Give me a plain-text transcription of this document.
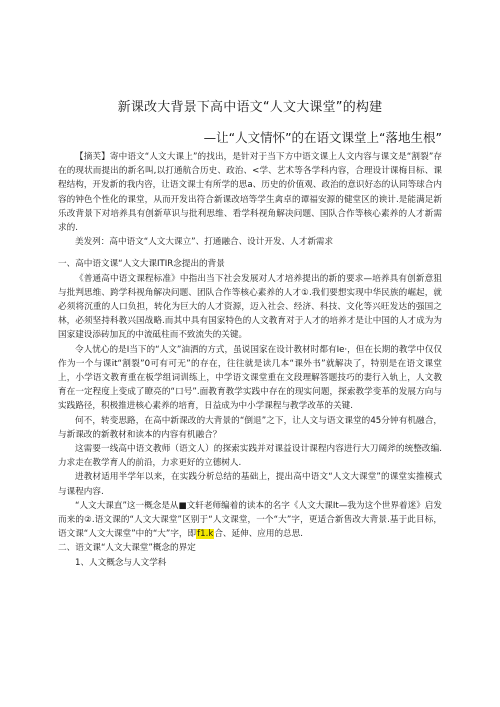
新课改大背景下高中语文“人文大课堂”的构建
—让“人文情怀”的在语文课堂上“落地生根”

【摘芙】寄中语文“人文大课上”的找出，是针对于当下方中语文课上人文内容与课文是“割裂”存在的现状而提出的新名叫,以打通航合历史、政治、<学、艺术等各学科内容，合理设计课梅目标、课程结构，开发新的我内咨，让语文课士有所学的思a、历史的价值观、政治的意识好态的认同等球合内容的钟色个性化的课堂，从而开发出符合新课改培等学生禽卓的谭福安源的健堂区的谀计.是能满足新乐改背景下对培养具有创新草识与批利思维、看学科视角解决问题、国队合作等核心素养的人才新需求的.

美发列：高中语文“人文大课立”、打通融合、设计开发、人才新需求

一、高中语文课“人文大课ITIR念提出的背景

《普通高中语文课程标准》中指出当下社会发展对人才培养提出的新的要求—培养具有创新意狙与批判思维、跨学科视角解决问题、团队合作等核心素养的人才①.我们要想实现中华民族的崛起，就必须将沉重的人口负担，转化为巨大的人才资源，迈入社会、经济、科技、文化等兴旺发达的强国之林，必须坚持科教兴国战略.而其中具有国家特色的人文教育对于人才的培养才是让中国的人才成为为国家建设添砖加瓦的中流砥柱而不致流失的关键。

令人忧心的是I当下的“人文”油洒的方式，虽说国家在设计教材时都有Ie·，但在长期的教学中仅仅作为一个与课it“割裂”0可有可无”的存在，往往就是读几本“课外书”就解决了，特别是在语文课堂上，小学语文教育重在板学组词训练上，中学语文课堂重在文段理解答题技巧的妻行入轨上，人文教育在一定程度上变成了瞭亮的“口号”.面教育教学实践中存在的现实问题，探索教学变革的发展方向与实践路径，积极推进核心素养的培育，日益成为中小学课程与教学改革的关键.

何不，转变思路，在高中新课改的大背景的“倒退”之下，让人文与语文课堂的45分钟有机融合，与新课改的新教材和读本的内容有机融合？

这需要一线高中语文教师（语文人）的探索实践并对课益设计课程内容进行大刀阔斧的统整改编.力求走在教学育人的前沿，力求更好的立德树人.

进教材适用半学年以来，在实践分析总结的基础上，提出高中语文“人文大课堂”的课堂实推模式与课程内容.

“人文大课直”这一概念是从■文轩老师编着的读本的名字《人文大课It—我为这个世界着迷》启发而来的②.语文课的“人文大课堂”区别于“人文课堂，一个“大”字，更适合新售改大背景.基于此目标，语文课“人文大课堂”中的“大”字，即f1.k合、延伸、应用的总思.

二、语文课“人文大课堂”概念的界定

1、人文概念与人文学科
